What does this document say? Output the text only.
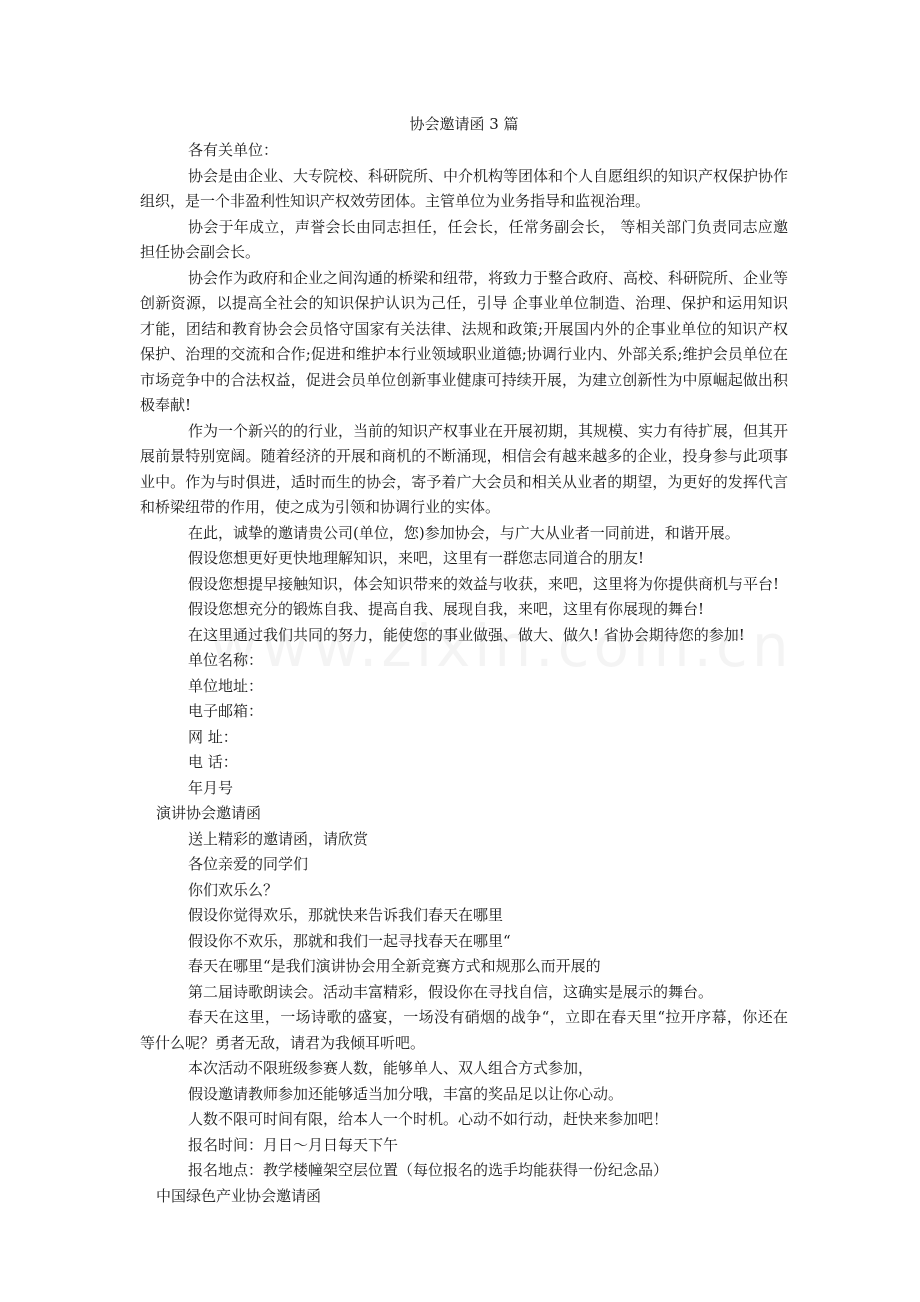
协会邀请函 3 篇

各有关单位：

协会是由企业、大专院校、科研院所、中介机构等团体和个人自愿组织的知识产权保护协作组织，是一个非盈利性知识产权效劳团体。主管单位为业务指导和监视治理。

协会于年成立，声誉会长由同志担任，任会长，任常务副会长， 等相关部门负责同志应邀担任协会副会长。

协会作为政府和企业之间沟通的桥梁和纽带，将致力于整合政府、高校、科研院所、企业等创新资源，以提高全社会的知识保护认识为己任，引导 企事业单位制造、治理、保护和运用知识才能，团结和教育协会会员恪守国家有关法律、法规和政策;开展国内外的企事业单位的知识产权保护、治理的交流和合作;促进和维护本行业领域职业道德;协调行业内、外部关系;维护会员单位在市场竞争中的合法权益，促进会员单位创新事业健康可持续开展，为建立创新性为中原崛起做出积极奉献!

作为一个新兴的的行业，当前的知识产权事业在开展初期，其规模、实力有待扩展，但其开展前景特别宽阔。随着经济的开展和商机的不断涌现，相信会有越来越多的企业，投身参与此项事业中。作为与时俱进，适时而生的协会，寄予着广大会员和相关从业者的期望，为更好的发挥代言和桥梁纽带的作用，使之成为引领和协调行业的实体。

在此，诚挚的邀请贵公司(单位，您)参加协会，与广大从业者一同前进，和谐开展。

假设您想更好更快地理解知识，来吧，这里有一群您志同道合的朋友!

假设您想提早接触知识，体会知识带来的效益与收获，来吧，这里将为你提供商机与平台!

假设您想充分的锻炼自我、提高自我、展现自我，来吧，这里有你展现的舞台!

在这里通过我们共同的努力，能使您的事业做强、做大、做久! 省协会期待您的参加!

单位名称：

单位地址：

电子邮箱：

网 址：

电 话：

年月号

演讲协会邀请函

送上精彩的邀请函，请欣赏

各位亲爱的同学们

你们欢乐么？

假设你觉得欢乐，那就快来告诉我们春天在哪里

假设你不欢乐，那就和我们一起寻找春天在哪里“

春天在哪里“是我们演讲协会用全新竞赛方式和规那么而开展的

第二届诗歌朗读会。活动丰富精彩，假设你在寻找自信，这确实是展示的舞台。

春天在这里，一场诗歌的盛宴，一场没有硝烟的战争“，立即在春天里“拉开序幕，你还在等什么呢？勇者无敌，请君为我倾耳听吧。

本次活动不限班级参赛人数，能够单人、双人组合方式参加，

假设邀请教师参加还能够适当加分哦，丰富的奖品足以让你心动。

人数不限可时间有限，给本人一个时机。心动不如行动，赶快来参加吧！

报名时间：月日～月日每天下午

报名地点：教学楼幢架空层位置（每位报名的选手均能获得一份纪念品）

中国绿色产业协会邀请函
